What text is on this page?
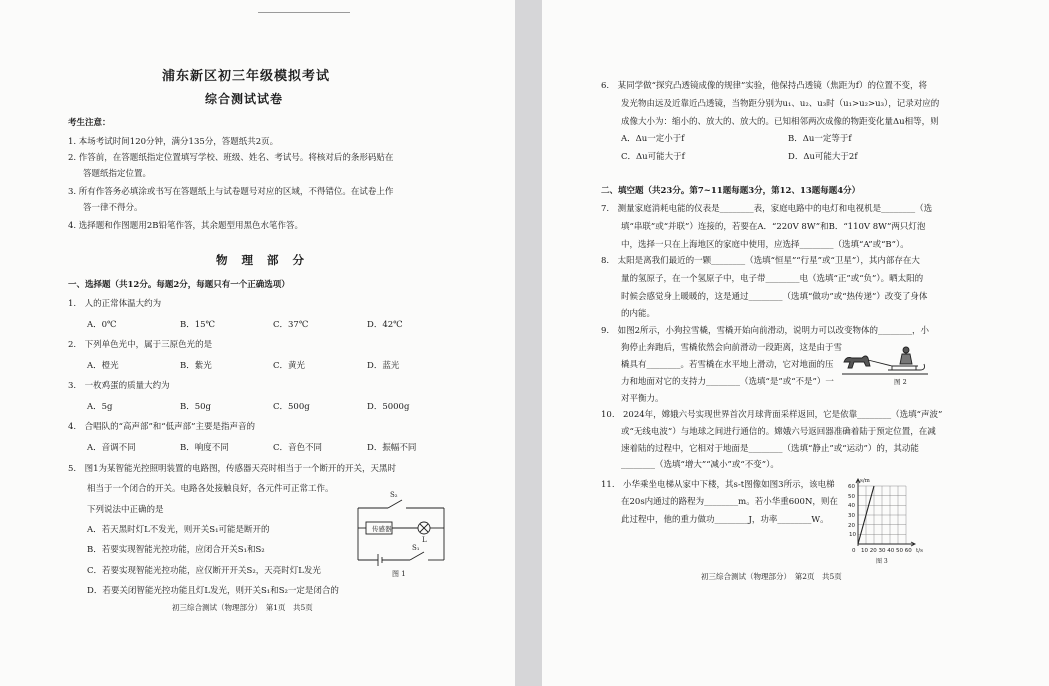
浦东新区初三年级模拟考试
综合测试试卷
考生注意：
1. 本场考试时间120分钟，满分135分，答题纸共2页。
2. 作答前，在答题纸指定位置填写学校、班级、姓名、考试号。将核对后的条形码贴在
答题纸指定位置。
3. 所有作答务必填涂或书写在答题纸上与试卷题号对应的区域，不得错位。在试卷上作
答一律不得分。
4. 选择题和作图题用2B铅笔作答，其余题型用黑色水笔作答。
物 理 部 分
一、选择题（共12分。每题2分，每题只有一个正确选项）
1.　人的正常体温大约为
A．0℃	B．15℃	C．37℃	D．42℃
2.　下列单色光中，属于三原色光的是
A．橙光	B．紫光	C．黄光	D．蓝光
3.　一枚鸡蛋的质量大约为
A．5g	B．50g	C．500g	D．5000g
4.　合唱队的“高声部”和“低声部”主要是指声音的
A．音调不同	B．响度不同	C．音色不同	D．振幅不同
5.　图1为某智能光控照明装置的电路图，传感器天亮时相当于一个断开的开关，天黑时
相当于一个闭合的开关。电路各处接触良好，各元件可正常工作。
下列说法中正确的是
A．若天黑时灯L不发光，则开关S₁可能是断开的
B．若要实现智能光控功能，应闭合开关S₁和S₂
C．若要实现智能光控功能，应仅断开开关S₂，天亮时灯L发光
D．若要关闭智能光控功能且灯L发光，则开关S₁和S₂一定是闭合的
传感器
S₂
S₁
L
图 1
初三综合测试（物理部分）　第1页　共5页
6.　某同学做“探究凸透镜成像的规律”实验，他保持凸透镜（焦距为f）的位置不变，将
发光物由远及近靠近凸透镜，当物距分别为u₁、u₂、u₃时（u₁>u₂>u₃），记录对应的
成像大小为：缩小的、放大的、放大的。已知相邻两次成像的物距变化量Δu相等，则
A．Δu一定小于f	B．Δu一定等于f
C．Δu可能大于f	D．Δu可能大于2f
二、填空题（共23分。第7~11题每题3分，第12、13题每题4分）
7.　测量家庭消耗电能的仪表是________表，家庭电路中的电灯和电视机是________（选
填“串联”或“并联”）连接的，若要在A．“220V 8W”和B．“110V 8W”两只灯泡
中，选择一只在上海地区的家庭中使用，应选择________（选填“A”或“B”）。
8.　太阳是离我们最近的一颗________（选填“恒星”“行星”或“卫星”），其内部存在大
量的氢原子，在一个氢原子中，电子带________电（选填“正”或“负”）。晒太阳的
时候会感觉身上暖暖的，这是通过________（选填“做功”或“热传递”）改变了身体
的内能。
9.　如图2所示，小狗拉雪橇，雪橇开始向前滑动，说明力可以改变物体的________，小
狗停止奔跑后，雪橇依然会向前滑动一段距离，这是由于雪
橇具有________。若雪橇在水平地上滑动，它对地面的压
力和地面对它的支持力________（选填“是”或“不是”）一
对平衡力。
图 2
10.　2024年，嫦娥六号实现世界首次月球背面采样返回，它是依靠________（选填“声波”
或“无线电波”）与地球之间进行通信的。嫦娥六号返回器准确着陆于预定位置，在减
速着陆的过程中，它相对于地面是________（选填“静止”或“运动”）的，其动能
________（选填“增大”“减小”或“不变”）。
11.　小华乘坐电梯从家中下楼，其s-t图像如图3所示，该电梯
在20s内通过的路程为________m。若小华重600N，则在
此过程中，他的重力做功________J，功率________W。
s/m
60
50
40
30
20
10
0 10 20 30 40 50 60 t/s
图 3
初三综合测试（物理部分）　第2页　共5页
